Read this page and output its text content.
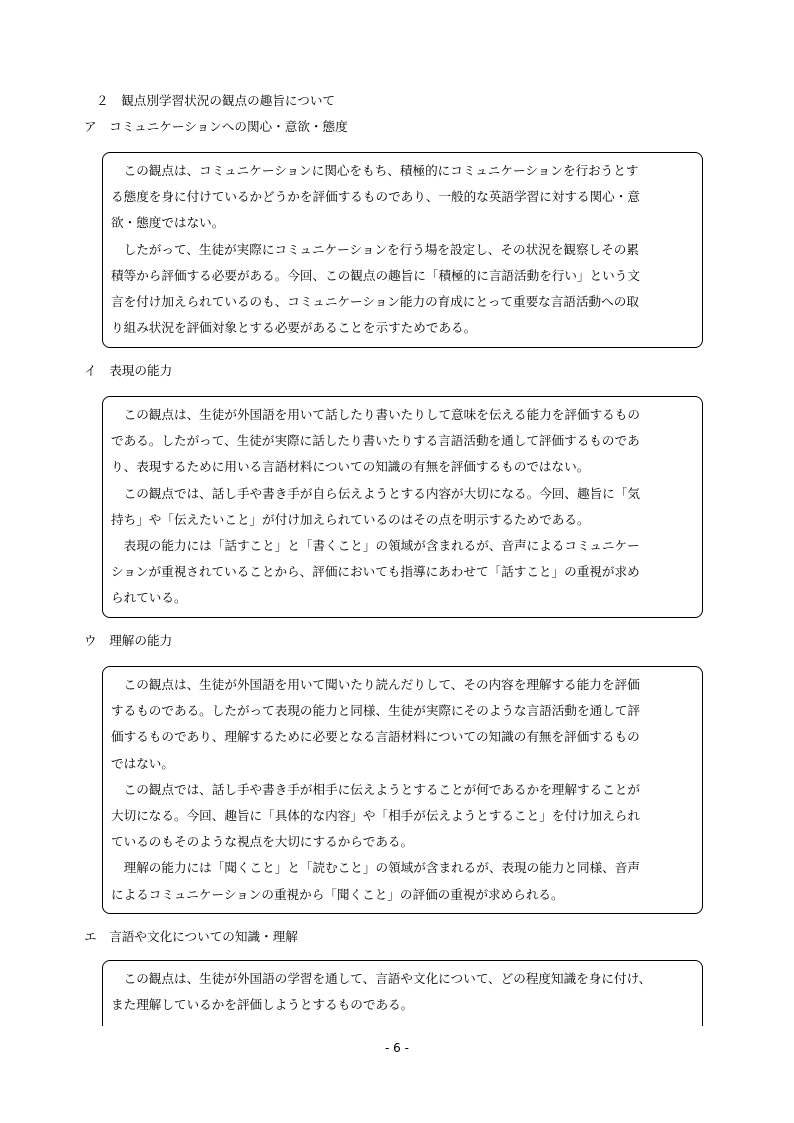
２　観点別学習状況の観点の趣旨について
ア　コミュニケーションへの関心・意欲・態度
　この観点は、コミュニケーションに関心をもち、積極的にコミュニケーションを行おうとす
る態度を身に付けているかどうかを評価するものであり、一般的な英語学習に対する関心・意
欲・態度ではない。
　したがって、生徒が実際にコミュニケーションを行う場を設定し、その状況を観察しその累
積等から評価する必要がある。今回、この観点の趣旨に「積極的に言語活動を行い」という文
言を付け加えられているのも、コミュニケーション能力の育成にとって重要な言語活動への取
り組み状況を評価対象とする必要があることを示すためである。
イ　表現の能力
　この観点は、生徒が外国語を用いて話したり書いたりして意味を伝える能力を評価するもの
である。したがって、生徒が実際に話したり書いたりする言語活動を通して評価するものであ
り、表現するために用いる言語材料についての知識の有無を評価するものではない。
　この観点では、話し手や書き手が自ら伝えようとする内容が大切になる。今回、趣旨に「気
持ち」や「伝えたいこと」が付け加えられているのはその点を明示するためである。
　表現の能力には「話すこと」と「書くこと」の領域が含まれるが、音声によるコミュニケー
ションが重視されていることから、評価においても指導にあわせて「話すこと」の重視が求め
られている。
ウ　理解の能力
　この観点は、生徒が外国語を用いて聞いたり読んだりして、その内容を理解する能力を評価
するものである。したがって表現の能力と同様、生徒が実際にそのような言語活動を通して評
価するものであり、理解するために必要となる言語材料についての知識の有無を評価するもの
ではない。
　この観点では、話し手や書き手が相手に伝えようとすることが何であるかを理解することが
大切になる。今回、趣旨に「具体的な内容」や「相手が伝えようとすること」を付け加えられ
ているのもそのような視点を大切にするからである。
　理解の能力には「聞くこと」と「読むこと」の領域が含まれるが、表現の能力と同様、音声
によるコミュニケーションの重視から「聞くこと」の評価の重視が求められる。
エ　言語や文化についての知識・理解
　この観点は、生徒が外国語の学習を通して、言語や文化について、どの程度知識を身に付け、
また理解しているかを評価しようとするものである。
- 6 -
